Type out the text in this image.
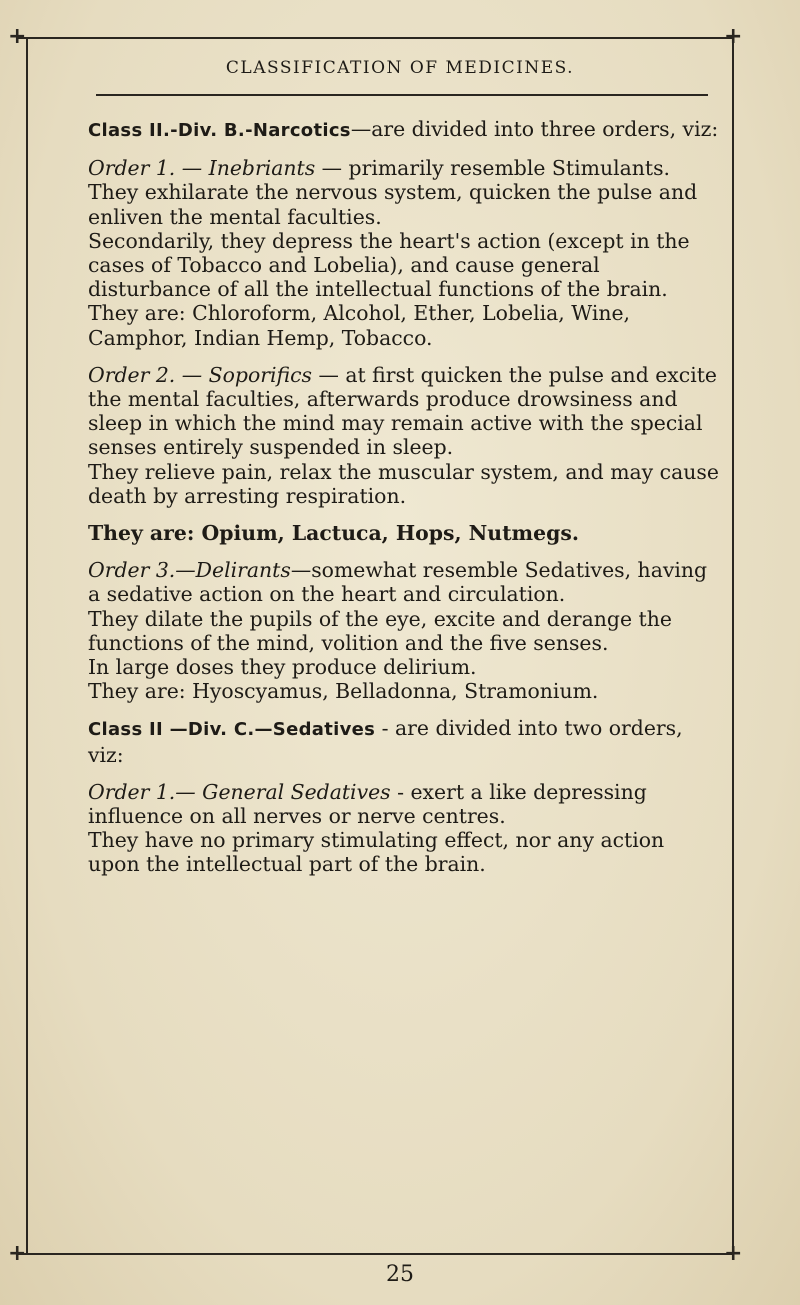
+	+
+	+
CLASSIFICATION OF MEDICINES.

Class II.-Div. B.-Narcotics—are divided into three orders, viz:

Order 1. — Inebriants — primarily resemble Stimulants.

They exhilarate the nervous system, quicken the pulse and enliven the mental faculties.

Secondarily, they depress the heart's action (except in the cases of Tobacco and Lobelia), and cause general disturbance of all the intellectual functions of the brain.

They are: Chloroform, Alcohol, Ether, Lobelia, Wine, Camphor, Indian Hemp, Tobacco.

Order 2. — Soporifics — at first quicken the pulse and excite the mental faculties, afterwards produce drowsiness and sleep in which the mind may remain active with the special senses entirely suspended in sleep.

They relieve pain, relax the muscular system, and may cause death by arresting respiration.

They are: Opium, Lactuca, Hops, Nutmegs.

Order 3.—Delirants—somewhat resemble Sedatives, having a sedative action on the heart and circulation.

They dilate the pupils of the eye, excite and derange the functions of the mind, volition and the five senses.

In large doses they produce delirium.

They are: Hyoscyamus, Belladonna, Stramonium.

Class II —Div. C.—Sedatives - are divided into two orders, viz:

Order 1.— General Sedatives - exert a like depressing influence on all nerves or nerve centres.

They have no primary stimulating effect, nor any action upon the intellectual part of the brain.

25
